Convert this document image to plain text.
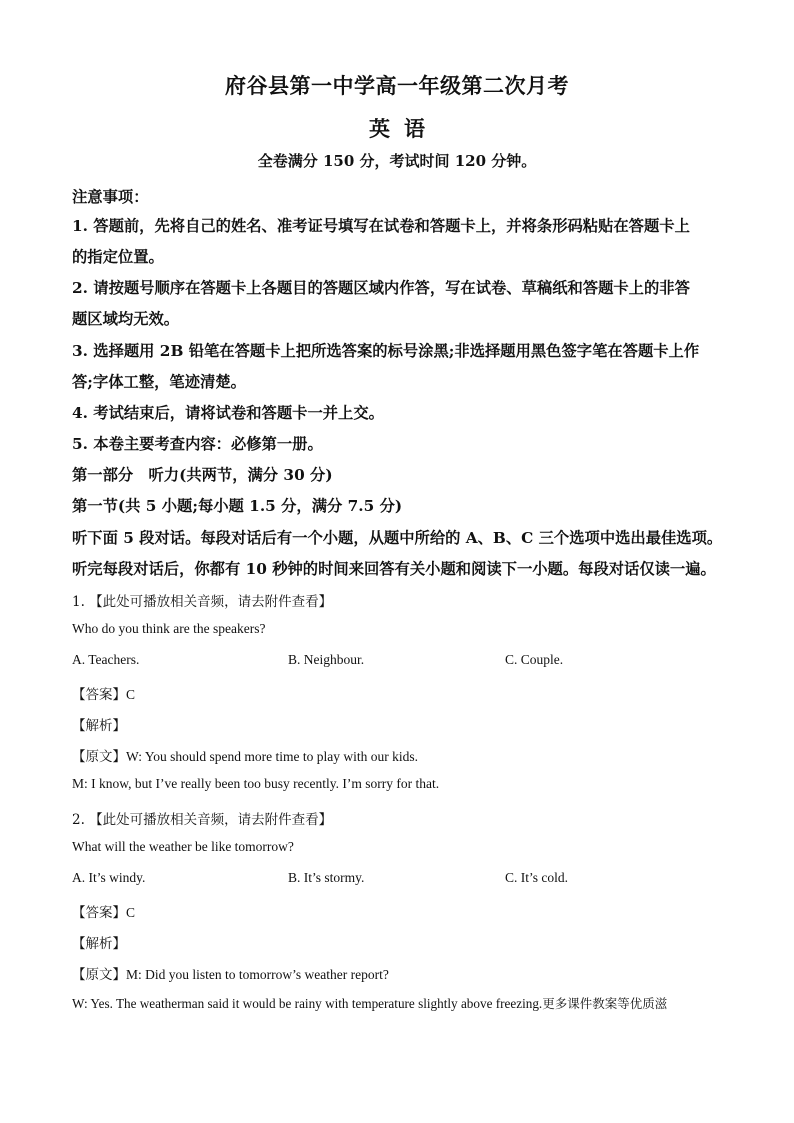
府谷县第一中学高一年级第二次月考
英语
全卷满分 150 分，考试时间 120 分钟。
注意事项：
1. 答题前，先将自己的姓名、准考证号填写在试卷和答题卡上，并将条形码粘贴在答题卡上
的指定位置。
2. 请按题号顺序在答题卡上各题目的答题区域内作答，写在试卷、草稿纸和答题卡上的非答
题区域均无效。
3. 选择题用 2B 铅笔在答题卡上把所选答案的标号涂黑;非选择题用黑色签字笔在答题卡上作
答;字体工整，笔迹清楚。
4. 考试结束后，请将试卷和答题卡一并上交。
5. 本卷主要考查内容：必修第一册。
第一部分　听力(共两节，满分 30 分)
第一节(共 5 小题;每小题 1.5 分，满分 7.5 分)
听下面 5 段对话。每段对话后有一个小题，从题中所给的 A、B、C 三个选项中选出最佳选项。
听完每段对话后，你都有 10 秒钟的时间来回答有关小题和阅读下一小题。每段对话仅读一遍。
1. 【此处可播放相关音频，请去附件查看】
Who do you think are the speakers?
A. Teachers.	B. Neighbour.	C. Couple.
【答案】C
【解析】
【原文】W: You should spend more time to play with our kids.
M: I know, but I’ve really been too busy recently. I’m sorry for that.
2. 【此处可播放相关音频，请去附件查看】
What will the weather be like tomorrow?
A. It’s windy.	B. It’s stormy.	C. It’s cold.
【答案】C
【解析】
【原文】M: Did you listen to tomorrow’s weather report?
W: Yes. The weatherman said it would be rainy with temperature slightly above freezing.更多课件教案等优质滋
